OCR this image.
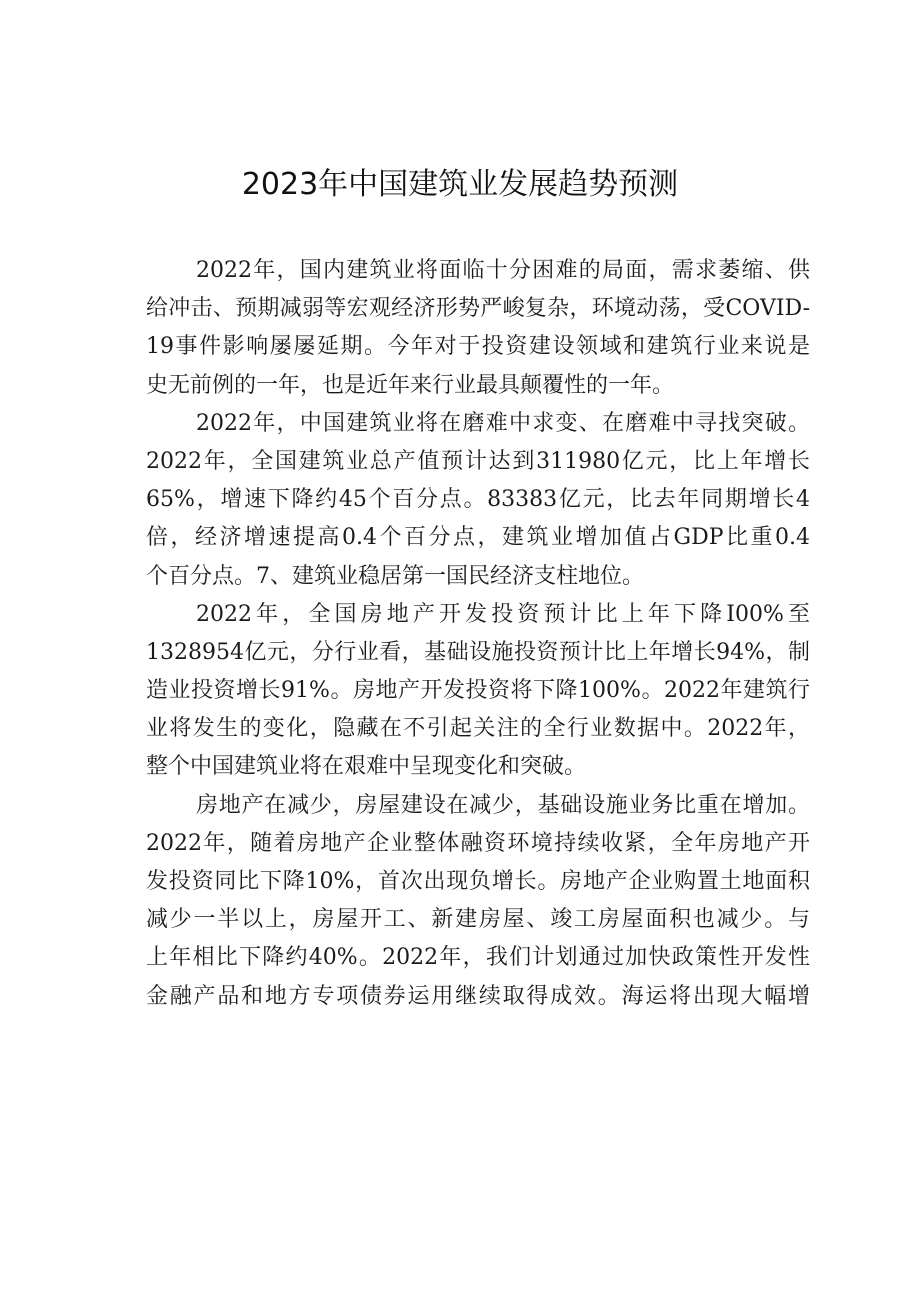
2023年中国建筑业发展趋势预测
2022年，国内建筑业将面临十分困难的局面，需求萎缩、供
给冲击、预期减弱等宏观经济形势严峻复杂，环境动荡，受COVID-
19事件影响屡屡延期。今年对于投资建设领域和建筑行业来说是
史无前例的一年，也是近年来行业最具颠覆性的一年。
2022年，中国建筑业将在磨难中求变、在磨难中寻找突破。
2022年，全国建筑业总产值预计达到311980亿元，比上年增长
65%，增速下降约45个百分点。83383亿元，比去年同期增长4
倍，经济增速提高0.4个百分点，建筑业增加值占GDP比重0.4
个百分点。7、建筑业稳居第一国民经济支柱地位。
2022年，全国房地产开发投资预计比上年下降I00%至
1328954亿元，分行业看，基础设施投资预计比上年增长94%，制
造业投资增长91%。房地产开发投资将下降100%。2022年建筑行
业将发生的变化，隐藏在不引起关注的全行业数据中。2022年，
整个中国建筑业将在艰难中呈现变化和突破。
房地产在减少，房屋建设在减少，基础设施业务比重在增加。
2022年，随着房地产企业整体融资环境持续收紧，全年房地产开
发投资同比下降10%，首次出现负增长。房地产企业购置土地面积
减少一半以上，房屋开工、新建房屋、竣工房屋面积也减少。与
上年相比下降约40%。2022年，我们计划通过加快政策性开发性
金融产品和地方专项债券运用继续取得成效。海运将出现大幅增
